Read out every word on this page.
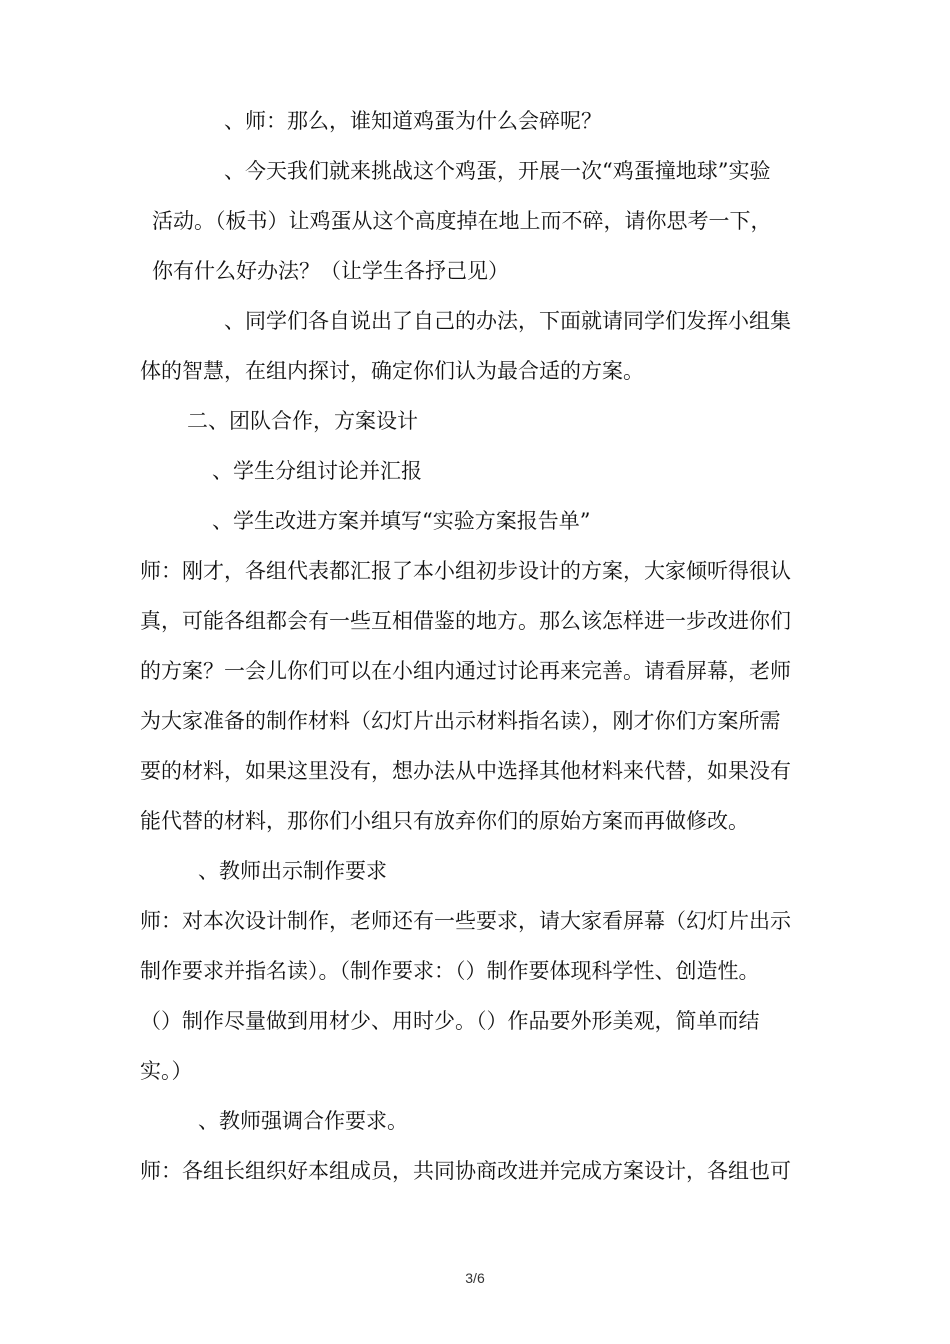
、师：那么，谁知道鸡蛋为什么会碎呢？
、今天我们就来挑战这个鸡蛋，开展一次“鸡蛋撞地球”实验
活动。（板书）让鸡蛋从这个高度掉在地上而不碎，请你思考一下，
你有什么好办法？（让学生各抒己见）
、同学们各自说出了自己的办法，下面就请同学们发挥小组集
体的智慧，在组内探讨，确定你们认为最合适的方案。
二、团队合作，方案设计
、学生分组讨论并汇报
、学生改进方案并填写“实验方案报告单”
师：刚才，各组代表都汇报了本小组初步设计的方案，大家倾听得很认
真，可能各组都会有一些互相借鉴的地方。那么该怎样进一步改进你们
的方案？一会儿你们可以在小组内通过讨论再来完善。请看屏幕，老师
为大家准备的制作材料（幻灯片出示材料指名读），刚才你们方案所需
要的材料，如果这里没有，想办法从中选择其他材料来代替，如果没有
能代替的材料，那你们小组只有放弃你们的原始方案而再做修改。
、教师出示制作要求
师：对本次设计制作，老师还有一些要求，请大家看屏幕（幻灯片出示
制作要求并指名读）。（制作要求：（）制作要体现科学性、创造性。
（）制作尽量做到用材少、用时少。（）作品要外形美观，简单而结
实。）
、教师强调合作要求。
师：各组长组织好本组成员，共同协商改进并完成方案设计，各组也可
3/6
